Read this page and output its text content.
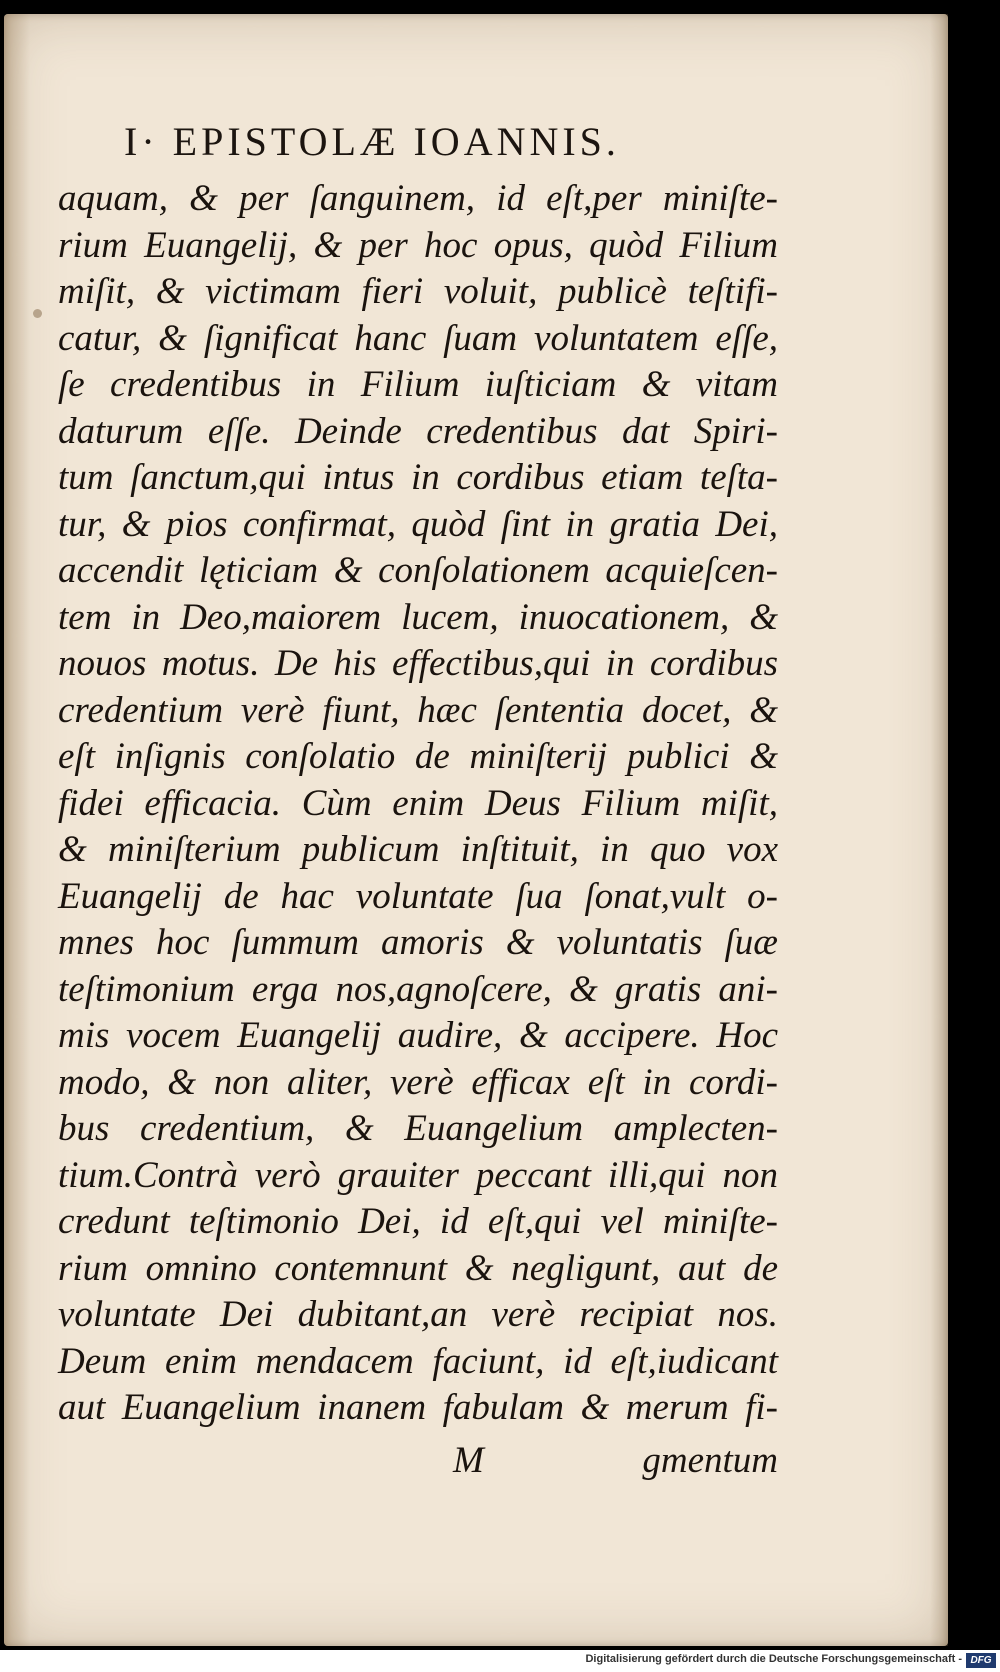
I· EPISTOLÆ IOANNIS.
aquam, & per ſanguinem, id eſt,per miniſte-
rium Euangelij, & per hoc opus, quòd Filium
miſit, & victimam fieri voluit, publicè teſtifi-
catur, & ſignificat hanc ſuam voluntatem eſſe,
ſe credentibus in Filium iuſticiam & vitam
daturum eſſe. Deinde credentibus dat Spiri-
tum ſanctum,qui intus in cordibus etiam teſta-
tur, & pios confirmat, quòd ſint in gratia Dei,
accendit lęticiam & conſolationem acquieſcen-
tem in Deo,maiorem lucem, inuocationem, &
nouos motus. De his effectibus,qui in cordibus
credentium verè fiunt, hæc ſententia docet, &
eſt inſignis conſolatio de miniſterij publici &
fidei efficacia. Cùm enim Deus Filium miſit,
& miniſterium publicum inſtituit, in quo vox
Euangelij de hac voluntate ſua ſonat,vult o-
mnes hoc ſummum amoris & voluntatis ſuæ
teſtimonium erga nos,agnoſcere, & gratis ani-
mis vocem Euangelij audire, & accipere. Hoc
modo, & non aliter, verè efficax eſt in cordi-
bus credentium, & Euangelium amplecten-
tium.Contrà verò grauiter peccant illi,qui non
credunt teſtimonio Dei, id eſt,qui vel miniſte-
rium omnino contemnunt & negligunt, aut de
voluntate Dei dubitant,an verè recipiat nos.
Deum enim mendacem faciunt, id eſt,iudicant
aut Euangelium inanem fabulam & merum fi-
M	gmentum
Digitalisierung gefördert durch die Deutsche Forschungsgemeinschaft - DFG
